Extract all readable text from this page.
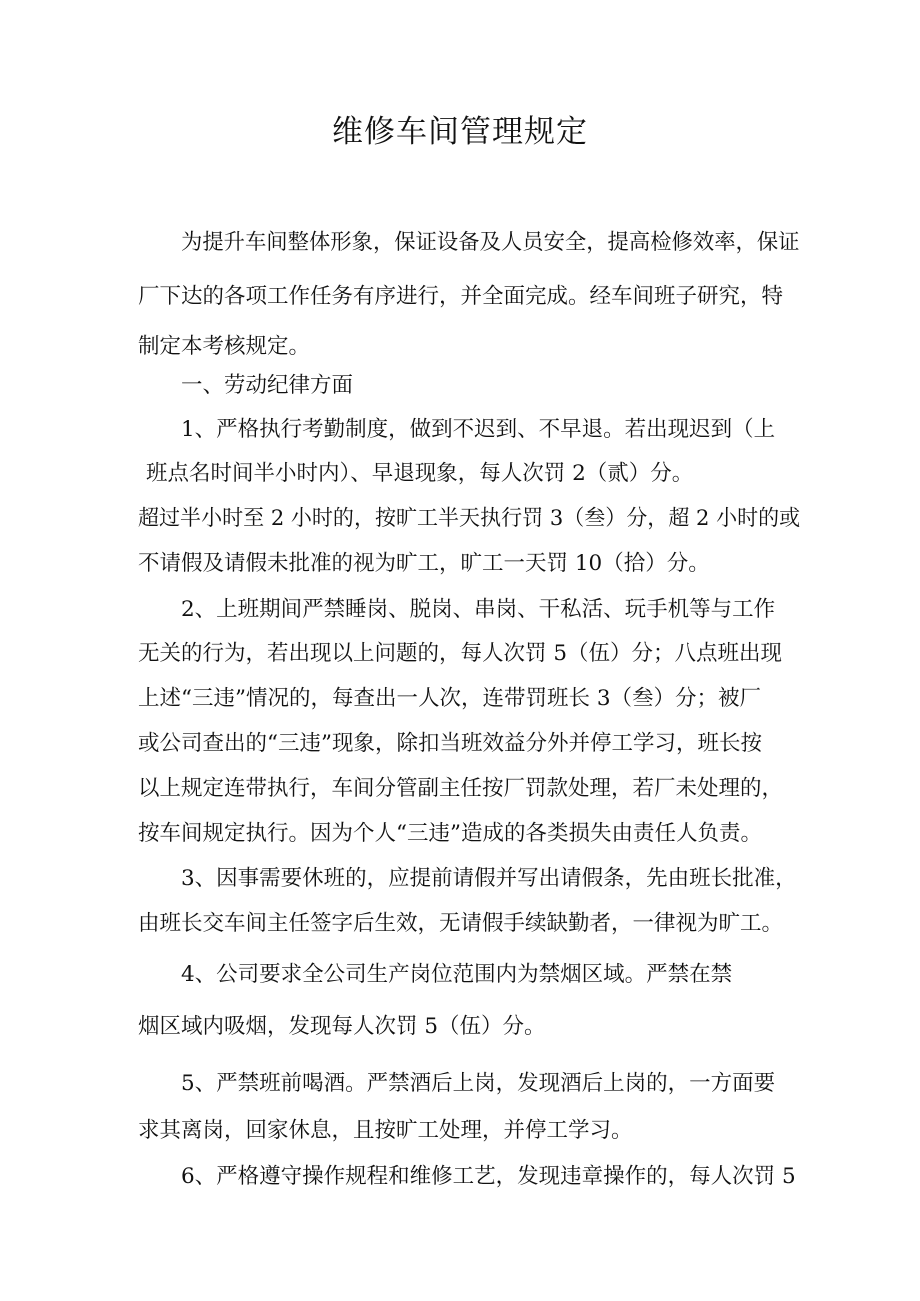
维修车间管理规定
为提升车间整体形象，保证设备及人员安全，提高检修效率，保证
厂下达的各项工作任务有序进行，并全面完成。经车间班子研究，特
制定本考核规定。
一、劳动纪律方面
1、严格执行考勤制度，做到不迟到、不早退。若出现迟到（上
班点名时间半小时内）、早退现象，每人次罚 2（贰）分。
超过半小时至 2 小时的，按旷工半天执行罚 3（叁）分，超 2 小时的或
不请假及请假未批准的视为旷工，旷工一天罚 10（拾）分。
2、上班期间严禁睡岗、脱岗、串岗、干私活、玩手机等与工作
无关的行为，若出现以上问题的，每人次罚 5（伍）分；八点班出现
上述“三违”情况的，每查出一人次，连带罚班长 3（叁）分；被厂
或公司查出的“三违”现象，除扣当班效益分外并停工学习，班长按
以上规定连带执行，车间分管副主任按厂罚款处理，若厂未处理的，
按车间规定执行。因为个人“三违”造成的各类损失由责任人负责。
3、因事需要休班的，应提前请假并写出请假条，先由班长批准，
由班长交车间主任签字后生效，无请假手续缺勤者，一律视为旷工。
4、公司要求全公司生产岗位范围内为禁烟区域。严禁在禁
烟区域内吸烟，发现每人次罚 5（伍）分。
5、严禁班前喝酒。严禁酒后上岗，发现酒后上岗的，一方面要
求其离岗，回家休息，且按旷工处理，并停工学习。
6、严格遵守操作规程和维修工艺，发现违章操作的，每人次罚 5
